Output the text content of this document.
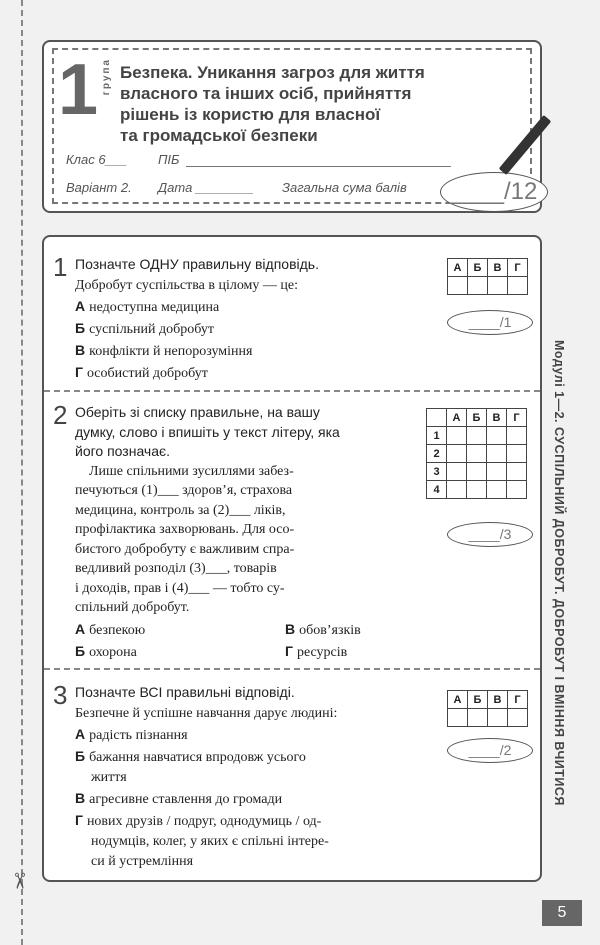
✂
1 група Безпека. Уникання загроз для життя
власного та інших осіб, прийняття
рішень із користю для власної
та громадської безпеки
Клас 6___ ПІБ
Варіант 2. Дата ________ Загальна сума балів	____/12
1 Позначте ОДНУ правильну відповідь.
Добробут суспільства в цілому — це:
А недоступна медицина
Б суспільний добробут
В конфлікти й непорозуміння
Г особистий добробут
А	Б	В	Г

____/1
2 Оберіть зі списку правильне, на вашу
думку, слово і впишіть у текст літеру, яка
його позначає.
Лише спільними зусиллями забез-
печуються (1)___ здоров’я, страхова
медицина, контроль за (2)___ ліків,
профілактика захворювань. Для осо-
бистого добробуту є важливим спра-
ведливий розподіл (3)___, товарів
і доходів, прав і (4)___ — тобто су-
спільний добробут.
А безпекою	В обов’язків
Б охорона	Г ресурсів
	А	Б	В	Г
1				
2				
3				
4				
____/3
3 Позначте ВСІ правильні відповіді.
Безпечне й успішне навчання дарує людині:
А радість пізнання
Б бажання навчатися впродовж усього
життя
В агресивне ставлення до громади
Г нових друзів / подруг, однодумиць / од-
нодумців, колег, у яких є спільні інтере-
си й устремління
А	Б	В	Г

____/2	Модулі 1—2. СУСПІЛЬНИЙ ДОБРОБУТ. ДОБРОБУТ І ВМІННЯ ВЧИТИСЯ
5
